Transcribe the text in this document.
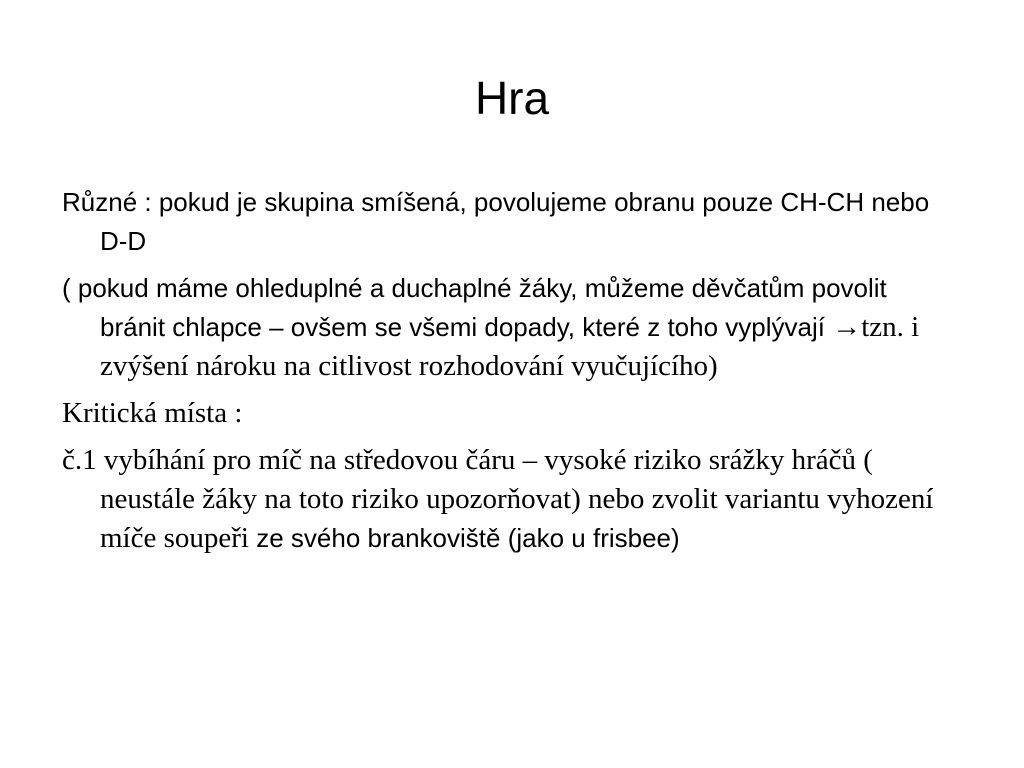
Hra

Různé : pokud je skupina smíšená, povolujeme obranu pouze CH-CH nebo D-D

( pokud máme ohleduplné a duchaplné žáky, můžeme děvčatům povolit bránit chlapce – ovšem se všemi dopady, které z toho vyplývají →tzn. i zvýšení nároku na citlivost rozhodování vyučujícího)

Kritická místa :

č.1 vybíhání pro míč na středovou čáru – vysoké riziko srážky hráčů ( neustále žáky na toto riziko upozorňovat) nebo zvolit variantu vyhození míče soupeři ze svého brankoviště (jako u frisbee)
